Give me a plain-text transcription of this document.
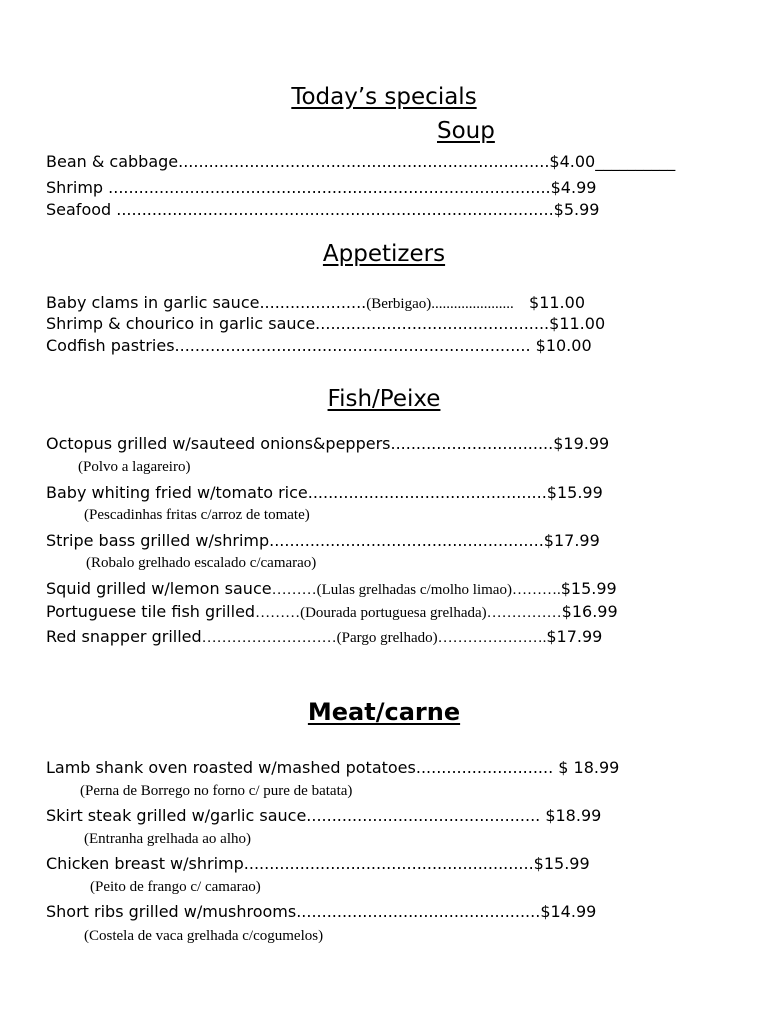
Today’s specials
Soup
Bean & cabbage.........................................................................$4.00__________
Shrimp .......................................................................................$4.99
Seafood ......................................................................................$5.99
Appetizers
Baby clams in garlic sauce.....................(Berbigao)......................   $11.00
Shrimp & chourico in garlic sauce..............................................$11.00
Codfish pastries...................................................................... $10.00
Fish/Peixe
Octopus grilled w/sauteed onions&peppers................................$19.99
(Polvo a lagareiro)
Baby whiting fried w/tomato rice...............................................$15.99
(Pescadinhas fritas c/arroz de tomate)
Stripe bass grilled w/shrimp......................................................$17.99
(Robalo grelhado escalado c/camarao)
Squid grilled w/lemon sauce………(Lulas grelhadas c/molho limao)……….$15.99
Portuguese tile fish grilled………(Dourada portuguesa grelhada)……………$16.99
Red snapper grilled………………………(Pargo grelhado)………………….$17.99
Meat/carne
Lamb shank oven roasted w/mashed potatoes........................... $ 18.99
(Perna de Borrego no forno c/ pure de batata)
Skirt steak grilled w/garlic sauce.............................................. $18.99
(Entranha grelhada ao alho)
Chicken breast w/shrimp.........................................................$15.99
(Peito de frango c/ camarao)
Short ribs grilled w/mushrooms................................................$14.99
(Costela de vaca grelhada c/cogumelos)
